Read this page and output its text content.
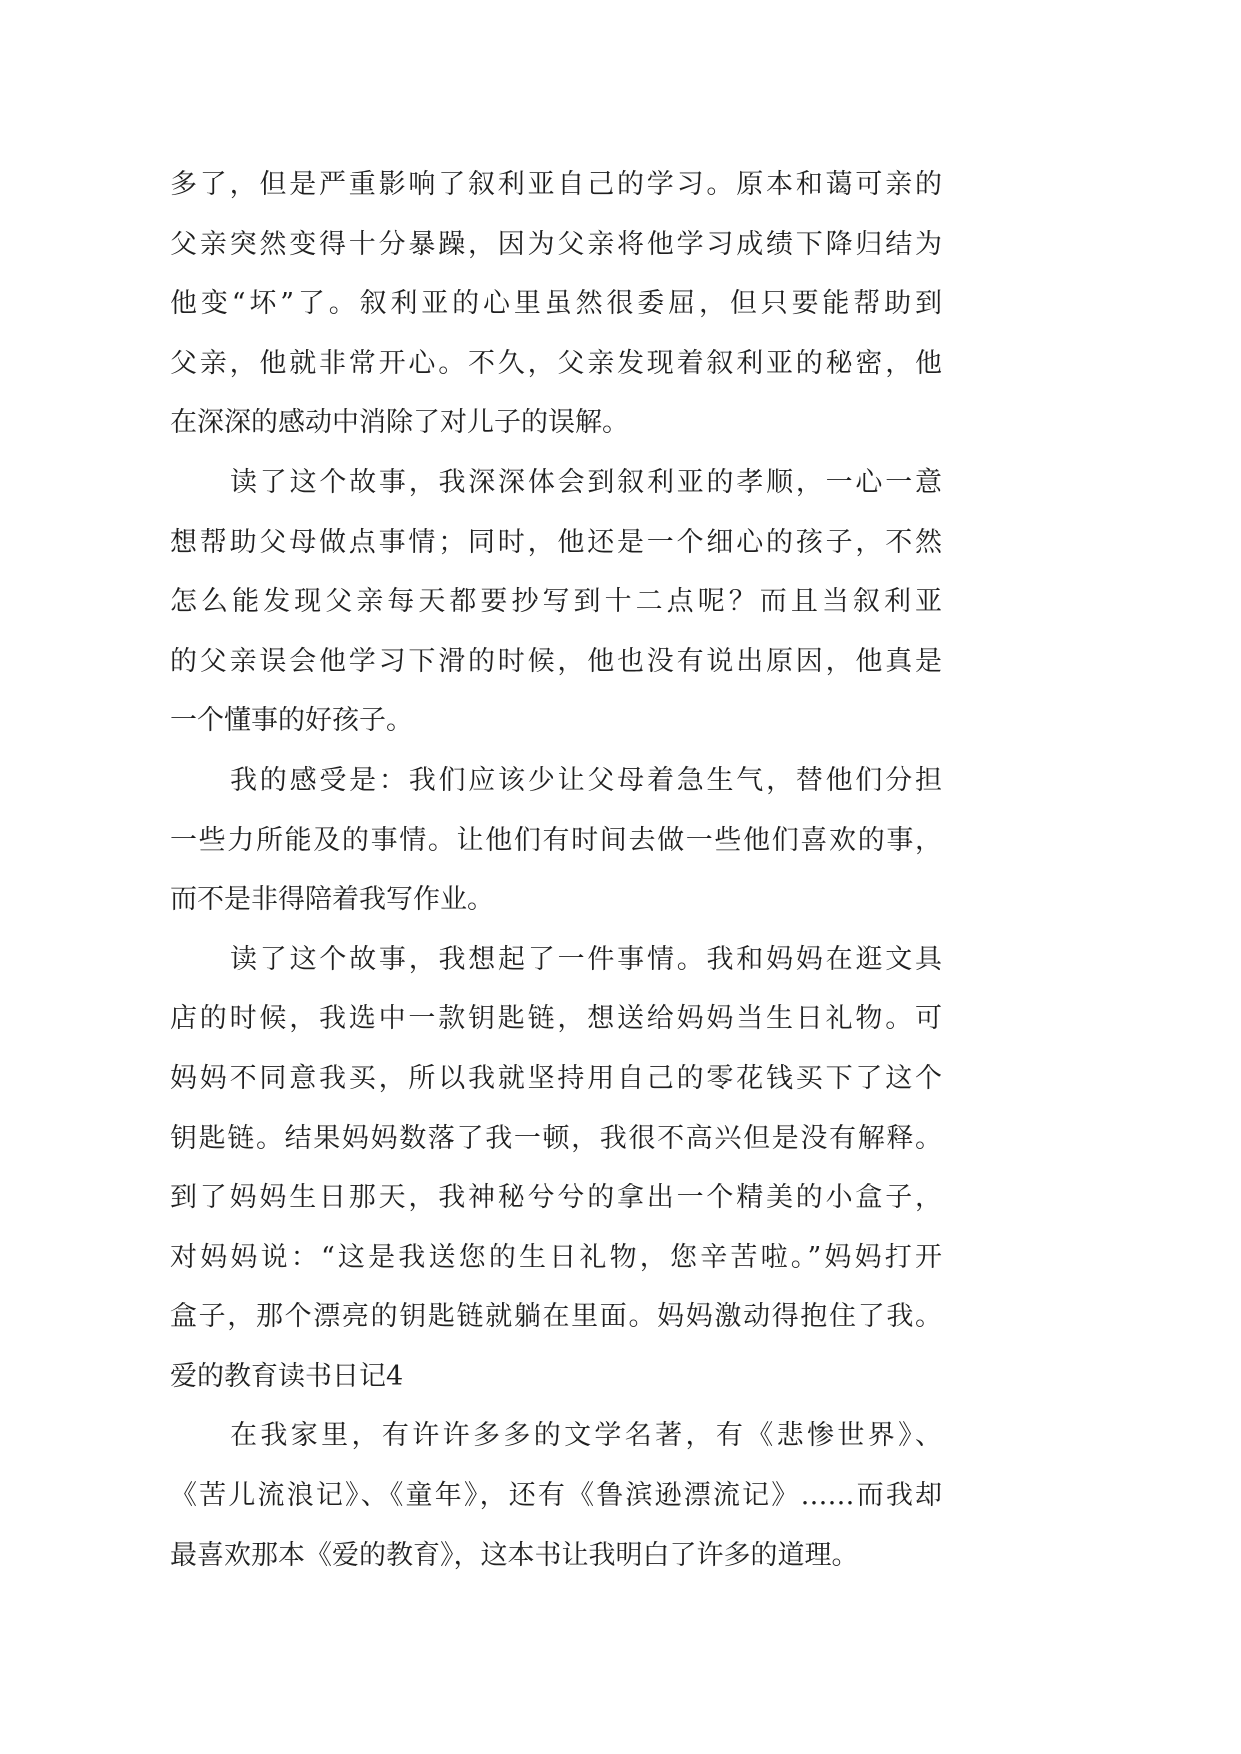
多了，但是严重影响了叙利亚自己的学习。原本和蔼可亲的
父亲突然变得十分暴躁，因为父亲将他学习成绩下降归结为
他变“坏”了。叙利亚的心里虽然很委屈，但只要能帮助到
父亲，他就非常开心。不久，父亲发现着叙利亚的秘密，他
在深深的感动中消除了对儿子的误解。
读了这个故事，我深深体会到叙利亚的孝顺，一心一意
想帮助父母做点事情；同时，他还是一个细心的孩子，不然
怎么能发现父亲每天都要抄写到十二点呢？而且当叙利亚
的父亲误会他学习下滑的时候，他也没有说出原因，他真是
一个懂事的好孩子。
我的感受是：我们应该少让父母着急生气，替他们分担
一些力所能及的事情。让他们有时间去做一些他们喜欢的事，
而不是非得陪着我写作业。
读了这个故事，我想起了一件事情。我和妈妈在逛文具
店的时候，我选中一款钥匙链，想送给妈妈当生日礼物。可
妈妈不同意我买，所以我就坚持用自己的零花钱买下了这个
钥匙链。结果妈妈数落了我一顿，我很不高兴但是没有解释。
到了妈妈生日那天，我神秘兮兮的拿出一个精美的小盒子，
对妈妈说：“这是我送您的生日礼物，您辛苦啦。”妈妈打开
盒子，那个漂亮的钥匙链就躺在里面。妈妈激动得抱住了我。
爱的教育读书日记4
在我家里，有许许多多的文学名著，有《悲惨世界》、
《苦儿流浪记》、《童年》，还有《鲁滨逊漂流记》……而我却
最喜欢那本《爱的教育》，这本书让我明白了许多的道理。
